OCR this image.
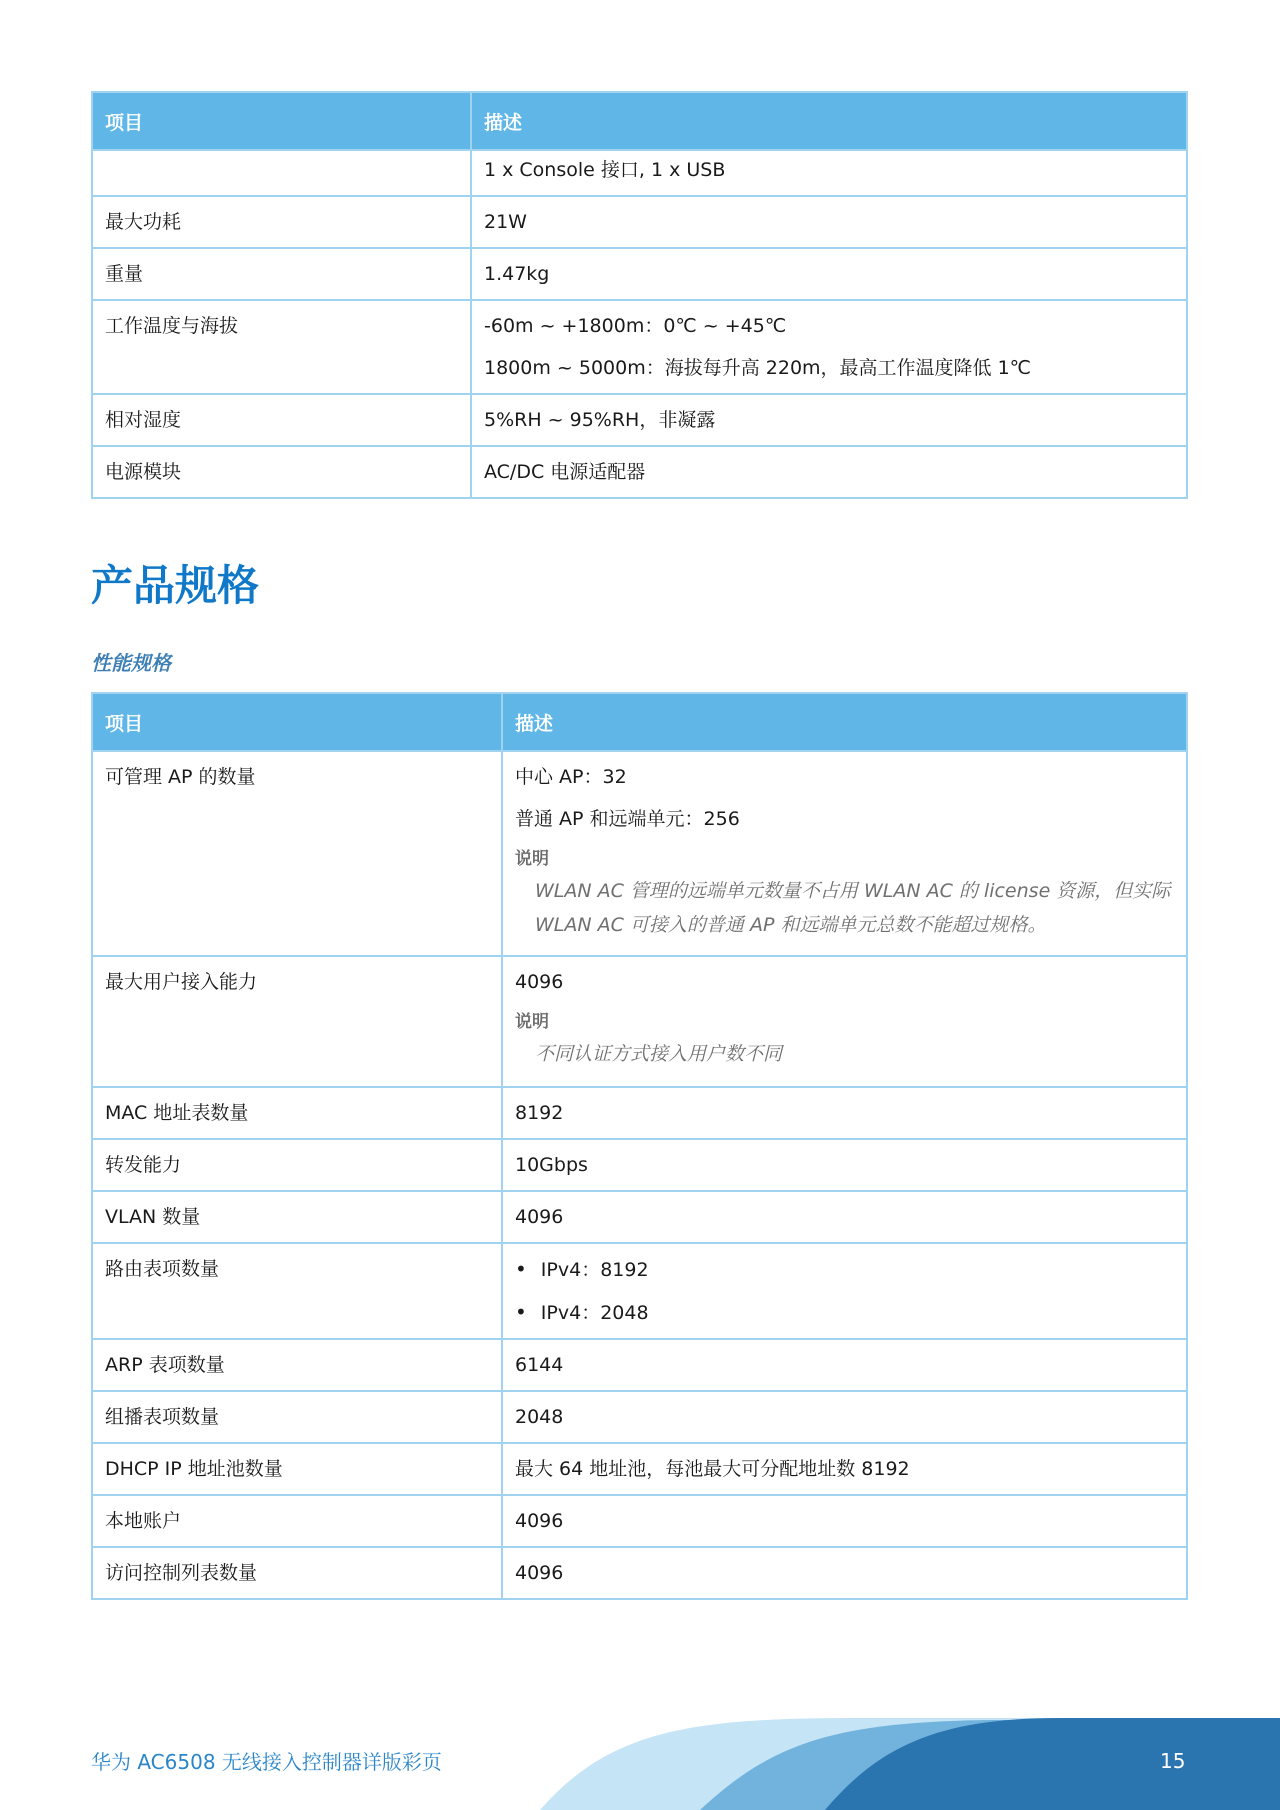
项目	描述

	1 x Console 接口, 1 x USB

最大功耗	21W

重量	1.47kg

工作温度与海拔	-60m ~ +1800m：0℃ ~ +45℃
1800m ~ 5000m：海拔每升高 220m，最高工作温度降低 1℃

相对湿度	5%RH ~ 95%RH，非凝露

电源模块	AC/DC 电源适配器
产品规格
性能规格
项目	描述
可管理 AP 的数量	中心 AP：32
普通 AP 和远端单元：256
说明
WLAN AC 管理的远端单元数量不占用 WLAN AC 的 license 资源，但实际
WLAN AC 可接入的普通 AP 和远端单元总数不能超过规格。

最大用户接入能力	4096
说明
不同认证方式接入用户数不同

MAC 地址表数量	8192

转发能力	10Gbps

VLAN 数量	4096

路由表项数量	• IPv4：8192
• IPv4：2048

ARP 表项数量	6144

组播表项数量	2048

DHCP IP 地址池数量	最大 64 地址池，每池最大可分配地址数 8192

本地账户	4096

访问控制列表数量	4096
华为 AC6508 无线接入控制器详版彩页	15
